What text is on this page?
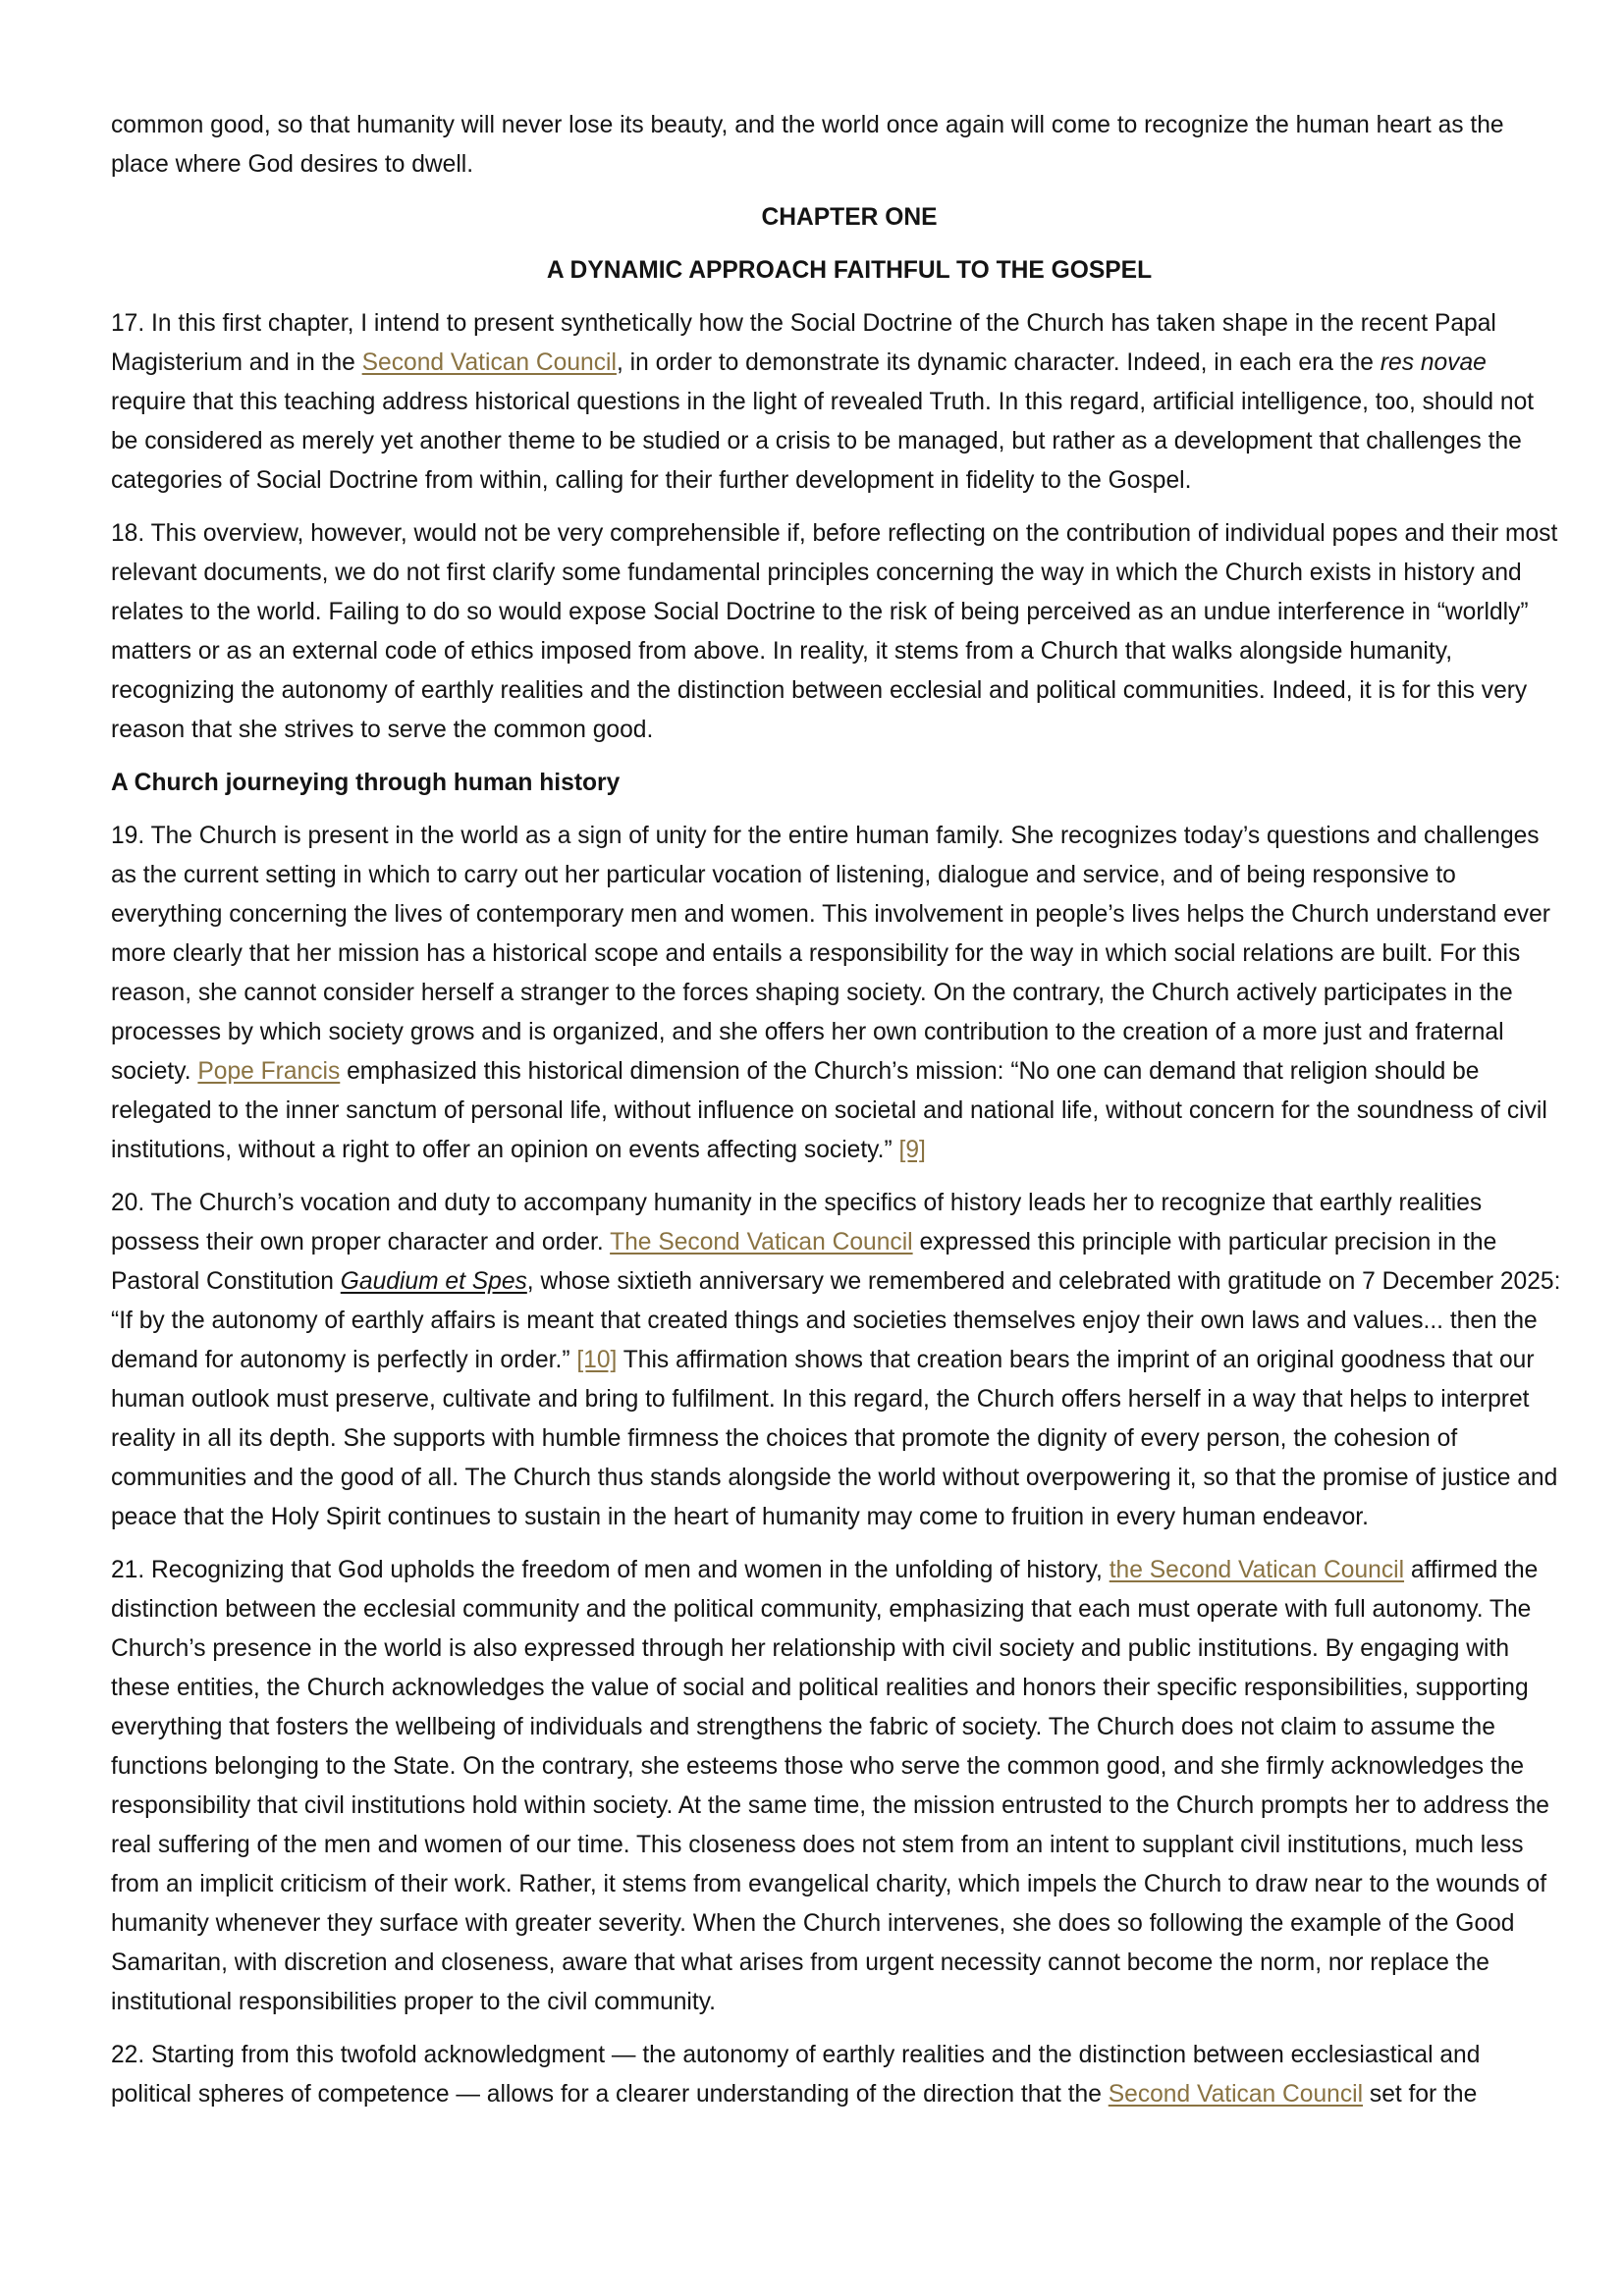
common good, so that humanity will never lose its beauty, and the world once again will come to recognize the human heart as the place where God desires to dwell.

CHAPTER ONE

A DYNAMIC APPROACH FAITHFUL TO THE GOSPEL

17. In this first chapter, I intend to present synthetically how the Social Doctrine of the Church has taken shape in the recent Papal Magisterium and in the Second Vatican Council, in order to demonstrate its dynamic character. Indeed, in each era the res novae require that this teaching address historical questions in the light of revealed Truth. In this regard, artificial intelligence, too, should not be considered as merely yet another theme to be studied or a crisis to be managed, but rather as a development that challenges the categories of Social Doctrine from within, calling for their further development in fidelity to the Gospel.

18. This overview, however, would not be very comprehensible if, before reflecting on the contribution of individual popes and their most relevant documents, we do not first clarify some fundamental principles concerning the way in which the Church exists in history and relates to the world. Failing to do so would expose Social Doctrine to the risk of being perceived as an undue interference in “worldly” matters or as an external code of ethics imposed from above. In reality, it stems from a Church that walks alongside humanity, recognizing the autonomy of earthly realities and the distinction between ecclesial and political communities. Indeed, it is for this very reason that she strives to serve the common good.

A Church journeying through human history

19. The Church is present in the world as a sign of unity for the entire human family. She recognizes today’s questions and challenges as the current setting in which to carry out her particular vocation of listening, dialogue and service, and of being responsive to everything concerning the lives of contemporary men and women. This involvement in people’s lives helps the Church understand ever more clearly that her mission has a historical scope and entails a responsibility for the way in which social relations are built. For this reason, she cannot consider herself a stranger to the forces shaping society. On the contrary, the Church actively participates in the processes by which society grows and is organized, and she offers her own contribution to the creation of a more just and fraternal society. Pope Francis emphasized this historical dimension of the Church’s mission: “No one can demand that religion should be relegated to the inner sanctum of personal life, without influence on societal and national life, without concern for the soundness of civil institutions, without a right to offer an opinion on events affecting society.” [9]

20. The Church’s vocation and duty to accompany humanity in the specifics of history leads her to recognize that earthly realities possess their own proper character and order. The Second Vatican Council expressed this principle with particular precision in the Pastoral Constitution Gaudium et Spes, whose sixtieth anniversary we remembered and celebrated with gratitude on 7 December 2025: “If by the autonomy of earthly affairs is meant that created things and societies themselves enjoy their own laws and values... then the demand for autonomy is perfectly in order.” [10] This affirmation shows that creation bears the imprint of an original goodness that our human outlook must preserve, cultivate and bring to fulfilment. In this regard, the Church offers herself in a way that helps to interpret reality in all its depth. She supports with humble firmness the choices that promote the dignity of every person, the cohesion of communities and the good of all. The Church thus stands alongside the world without overpowering it, so that the promise of justice and peace that the Holy Spirit continues to sustain in the heart of humanity may come to fruition in every human endeavor.

21. Recognizing that God upholds the freedom of men and women in the unfolding of history, the Second Vatican Council affirmed the distinction between the ecclesial community and the political community, emphasizing that each must operate with full autonomy. The Church’s presence in the world is also expressed through her relationship with civil society and public institutions. By engaging with these entities, the Church acknowledges the value of social and political realities and honors their specific responsibilities, supporting everything that fosters the wellbeing of individuals and strengthens the fabric of society. The Church does not claim to assume the functions belonging to the State. On the contrary, she esteems those who serve the common good, and she firmly acknowledges the responsibility that civil institutions hold within society. At the same time, the mission entrusted to the Church prompts her to address the real suffering of the men and women of our time. This closeness does not stem from an intent to supplant civil institutions, much less from an implicit criticism of their work. Rather, it stems from evangelical charity, which impels the Church to draw near to the wounds of humanity whenever they surface with greater severity. When the Church intervenes, she does so following the example of the Good Samaritan, with discretion and closeness, aware that what arises from urgent necessity cannot become the norm, nor replace the institutional responsibilities proper to the civil community.

22. Starting from this twofold acknowledgment — the autonomy of earthly realities and the distinction between ecclesiastical and political spheres of competence — allows for a clearer understanding of the direction that the Second Vatican Council set for the
